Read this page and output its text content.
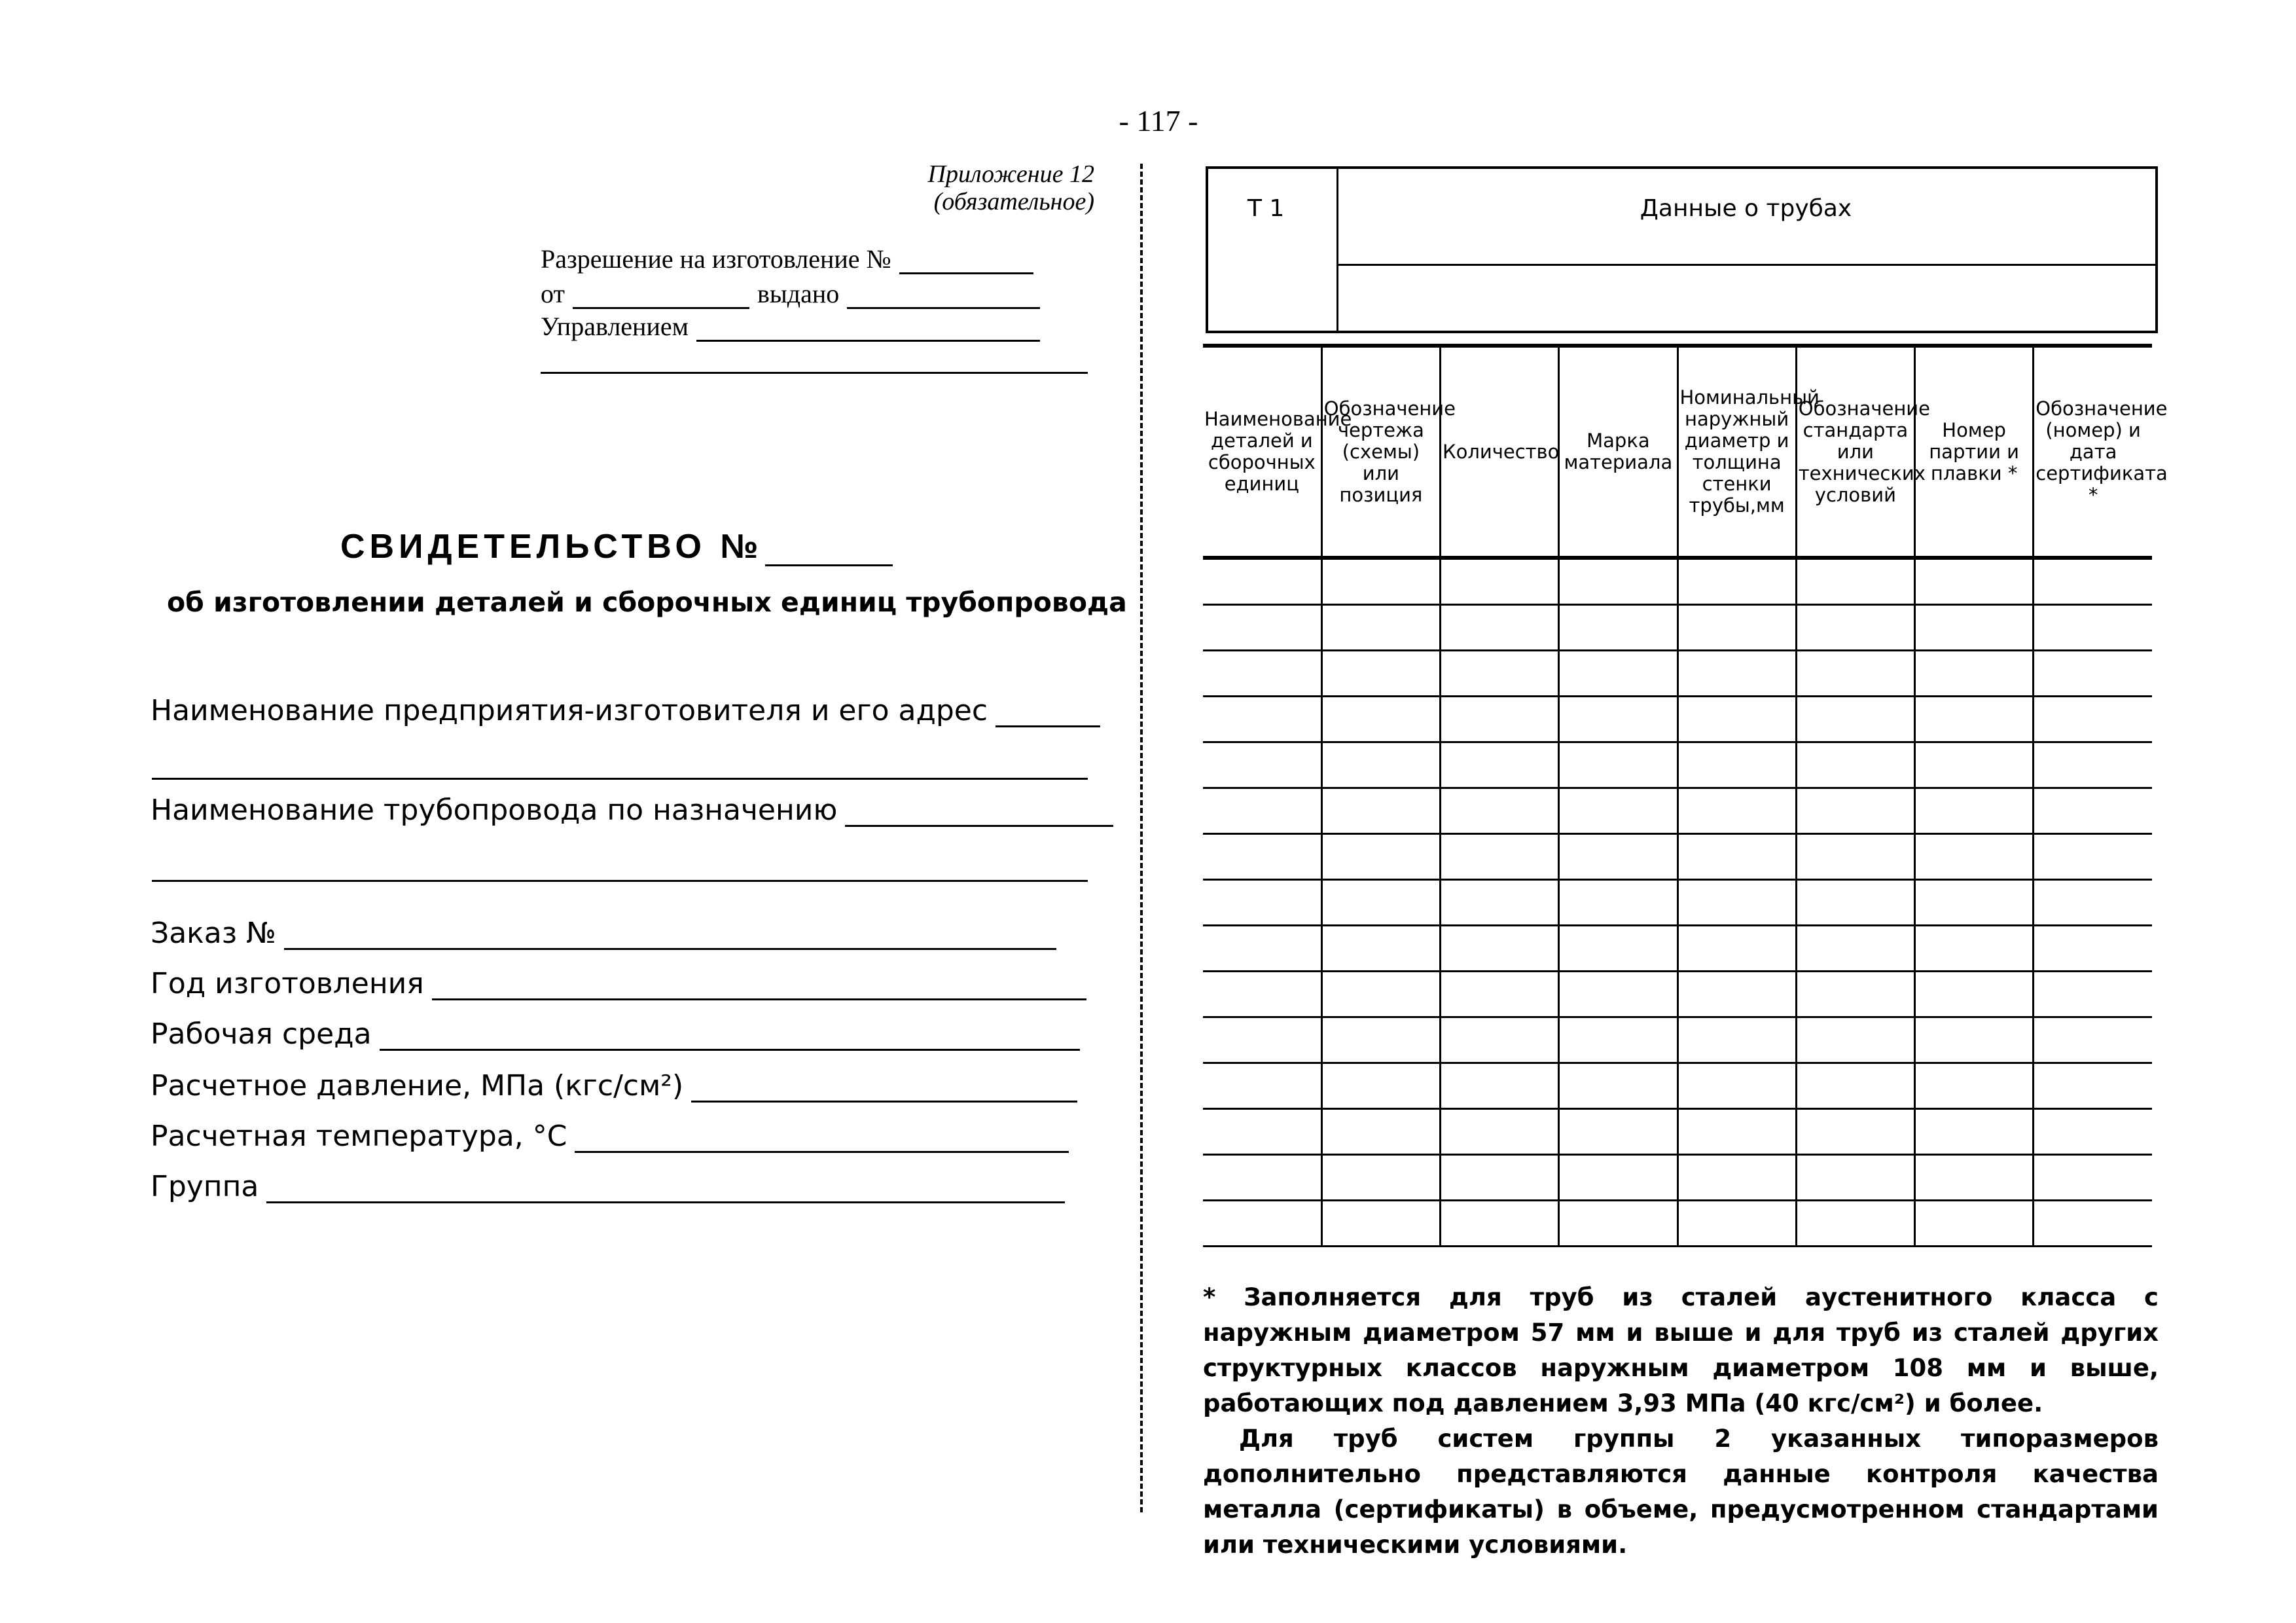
- 117 -
Приложение 12
(обязательное)
Разрешение на изготовление №
от	выдано
Управлением
СВИДЕТЕЛЬСТВО №
об изготовлении деталей и сборочных единиц трубопровода
Наименование предприятия-изготовителя и его адрес
Наименование трубопровода по назначению
Заказ №
Год изготовления
Рабочая среда
Расчетное давление, МПа (кгс/см²)
Расчетная температура, °С
Группа
Т 1	Данные о трубах
Наименование деталей и сборочных единиц	Обозначение чертежа (схемы) или позиция	Количество	Марка материала	Номинальный наружный диаметр и толщина стенки трубы,мм	Обозначение стандарта или технических условий	Номер партии и плавки *	Обозначение (номер) и дата сертификата *

* Заполняется для труб из сталей аустенитного класса с наружным диаметром 57 мм и выше и для труб из сталей других структурных классов наружным диаметром 108 мм и выше, работающих под давлением 3,93 МПа (40 кгс/см²) и более.

Для труб систем группы 2 указанных типоразмеров дополнительно представляются данные контроля качества металла (сертификаты) в объеме, предусмотренном стандартами или техническими условиями.
